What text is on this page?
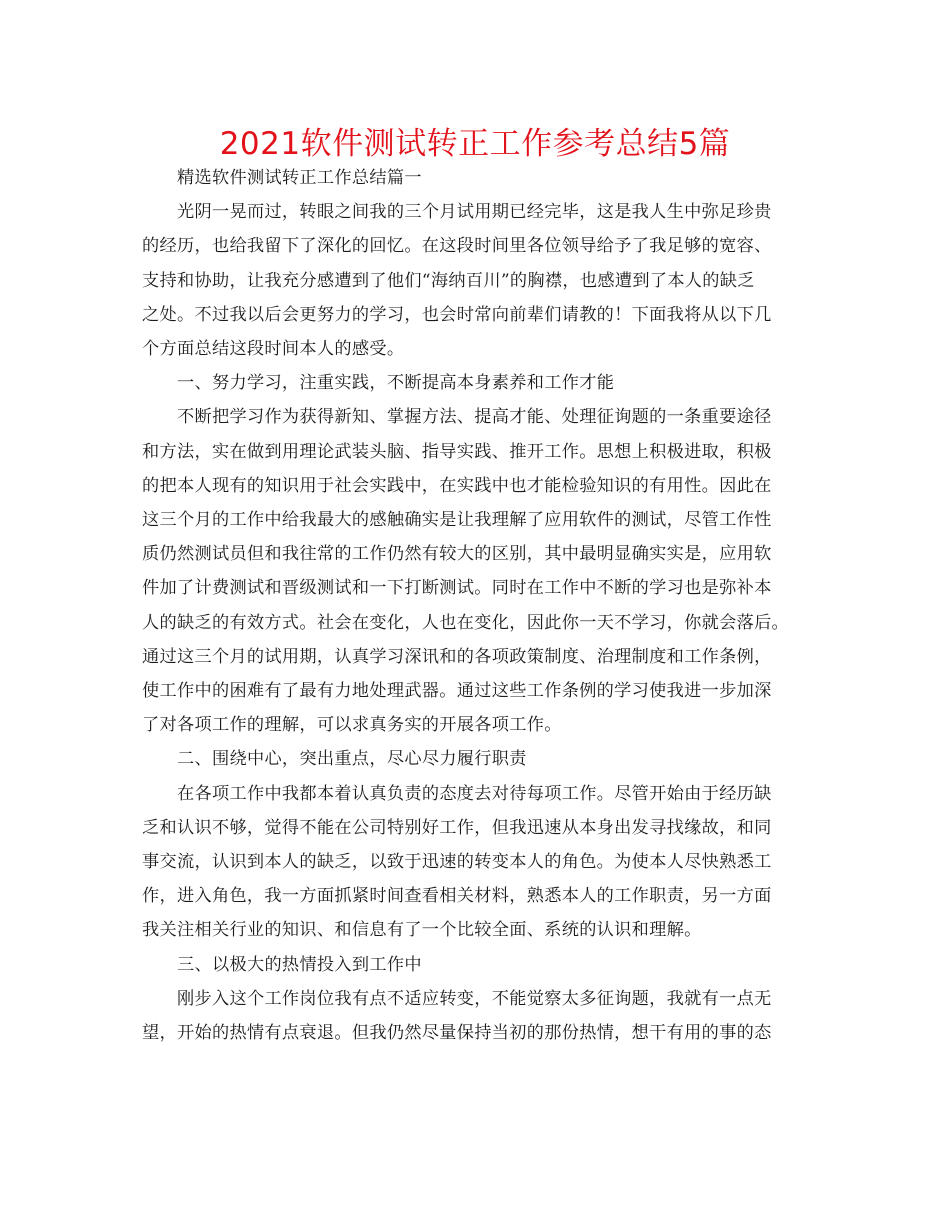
2021软件测试转正工作参考总结5篇
精选软件测试转正工作总结篇一
光阴一晃而过，转眼之间我的三个月试用期已经完毕，这是我人生中弥足珍贵
的经历，也给我留下了深化的回忆。在这段时间里各位领导给予了我足够的宽容、
支持和协助，让我充分感遭到了他们“海纳百川”的胸襟，也感遭到了本人的缺乏
之处。不过我以后会更努力的学习，也会时常向前辈们请教的！下面我将从以下几
个方面总结这段时间本人的感受。
一、努力学习，注重实践，不断提高本身素养和工作才能
不断把学习作为获得新知、掌握方法、提高才能、处理征询题的一条重要途径
和方法，实在做到用理论武装头脑、指导实践、推开工作。思想上积极进取，积极
的把本人现有的知识用于社会实践中，在实践中也才能检验知识的有用性。因此在
这三个月的工作中给我最大的感触确实是让我理解了应用软件的测试，尽管工作性
质仍然测试员但和我往常的工作仍然有较大的区别，其中最明显确实实是，应用软
件加了计费测试和晋级测试和一下打断测试。同时在工作中不断的学习也是弥补本
人的缺乏的有效方式。社会在变化，人也在变化，因此你一天不学习，你就会落后。
通过这三个月的试用期，认真学习深讯和的各项政策制度、治理制度和工作条例，
使工作中的困难有了最有力地处理武器。通过这些工作条例的学习使我进一步加深
了对各项工作的理解，可以求真务实的开展各项工作。
二、围绕中心，突出重点，尽心尽力履行职责
在各项工作中我都本着认真负责的态度去对待每项工作。尽管开始由于经历缺
乏和认识不够，觉得不能在公司特别好工作，但我迅速从本身出发寻找缘故，和同
事交流，认识到本人的缺乏，以致于迅速的转变本人的角色。为使本人尽快熟悉工
作，进入角色，我一方面抓紧时间查看相关材料，熟悉本人的工作职责，另一方面
我关注相关行业的知识、和信息有了一个比较全面、系统的认识和理解。
三、以极大的热情投入到工作中
刚步入这个工作岗位我有点不适应转变，不能觉察太多征询题，我就有一点无
望，开始的热情有点衰退。但我仍然尽量保持当初的那份热情，想干有用的事的态
